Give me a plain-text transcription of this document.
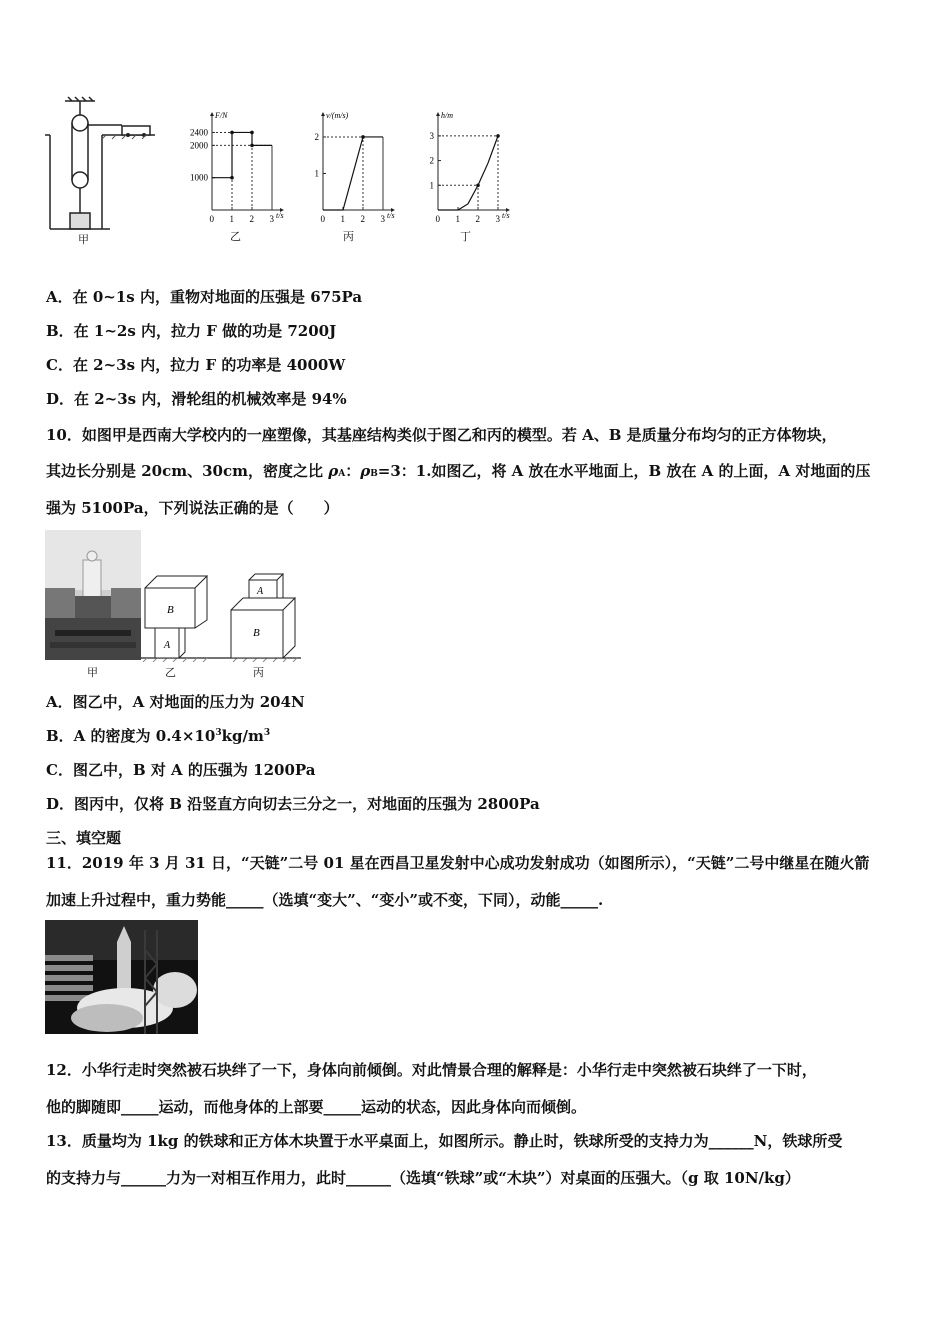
甲
F/N
t/s
0 1 2 3
1000
2000
2400
乙
v/(m/s)
t/s
0 1 2 3
1
2
丙
h/m
t/s
0 1 2 3
1
2
3
丁
A．在 0~1s 内，重物对地面的压强是 675Pa
B．在 1~2s 内，拉力 F 做的功是 7200J
C．在 2~3s 内，拉力 F 的功率是 4000W
D．在 2~3s 内，滑轮组的机械效率是 94%
10．如图甲是西南大学校内的一座塑像，其基座结构类似于图乙和丙的模型。若 A、B 是质量分布均匀的正方体物块，
其边长分别是 20cm、30cm，密度之比 ρA：ρB=3：1.如图乙，将 A 放在水平地面上，B 放在 A 的上面，A 对地面的压
强为 5100Pa，下列说法正确的是（　　）
甲
B
A
乙
A
B
丙
A．图乙中，A 对地面的压力为 204N
B．A 的密度为 $0.4\times 10^3kg/m^3$
C．图乙中，B 对 A 的压强为 1200Pa
D．图丙中，仅将 B 沿竖直方向切去三分之一，对地面的压强为 2800Pa
三、填空题
11．2019 年 3 月 31 日，“天链”二号 01 星在西昌卫星发射中心成功发射成功（如图所示），“天链”二号中继星在随火箭
加速上升过程中，重力势能_____（选填“变大”、“变小”或不变，下同），动能_____.
12．小华行走时突然被石块绊了一下，身体向前倾倒。对此情景合理的解释是：小华行走中突然被石块绊了一下时，
他的脚随即_____运动，而他身体的上部要_____运动的状态，因此身体向而倾倒。
13．质量均为 1kg 的铁球和正方体木块置于水平桌面上，如图所示。静止时，铁球所受的支持力为______N，铁球所受
的支持力与______力为一对相互作用力，此时______（选填“铁球”或“木块”）对桌面的压强大。（g 取 10N/kg）
